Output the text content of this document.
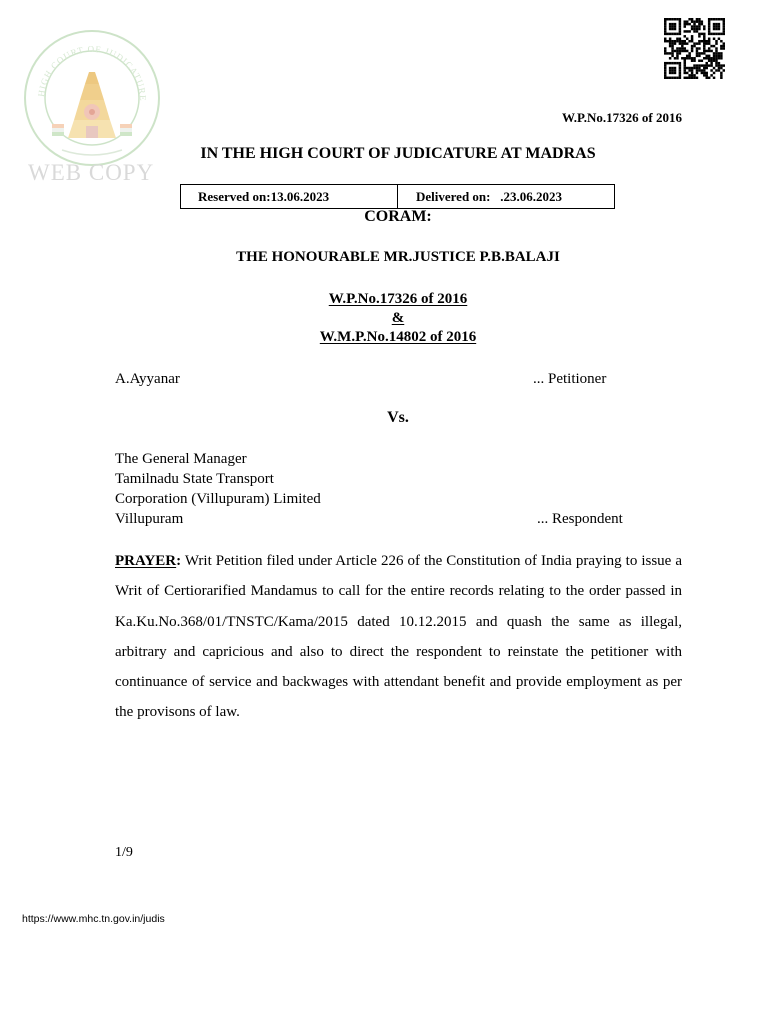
HIGH COURT OF JUDICATURE
WEB COPY
W.P.No.17326 of 2016
IN THE HIGH COURT OF JUDICATURE AT MADRAS
Reserved on:13.06.2023	Delivered on:   .23.06.2023
CORAM:
THE HONOURABLE MR.JUSTICE P.B.BALAJI
W.P.No.17326 of 2016
&
W.M.P.No.14802 of 2016
A.Ayyanar	... Petitioner
Vs.
The General Manager
Tamilnadu State Transport
Corporation (Villupuram) Limited
Villupuram	... Respondent
PRAYER: Writ Petition filed under Article 226 of the Constitution of India praying to issue a Writ of Certiorarified Mandamus to call for the entire records relating to the order passed in Ka.Ku.No.368/01/TNSTC/Kama/2015 dated 10.12.2015 and quash the same as illegal, arbitrary and capricious and also to direct the respondent to reinstate the petitioner with continuance of service and backwages with attendant benefit and provide employment as per the provisons of law.
1/9
https://www.mhc.tn.gov.in/judis
